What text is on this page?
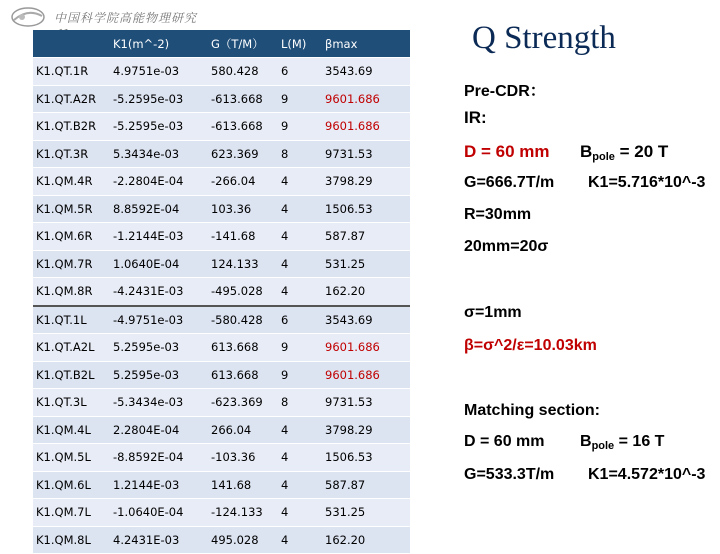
中国科学院高能物理研究
	K1(m^-2)	G（T/M）	L(M)	βmax
K1.QT.1R	4.9751e-03	580.428	6	3543.69
K1.QT.A2R	-5.2595e-03	-613.668	9	9601.686
K1.QT.B2R	-5.2595e-03	-613.668	9	9601.686
K1.QT.3R	5.3434e-03	623.369	8	9731.53
K1.QM.4R	-2.2804E-04	-266.04	4	3798.29
K1.QM.5R	8.8592E-04	103.36	4	1506.53
K1.QM.6R	-1.2144E-03	-141.68	4	587.87
K1.QM.7R	1.0640E-04	124.133	4	531.25
K1.QM.8R	-4.2431E-03	-495.028	4	162.20
K1.QT.1L	-4.9751e-03	-580.428	6	3543.69
K1.QT.A2L	5.2595e-03	613.668	9	9601.686
K1.QT.B2L	5.2595e-03	613.668	9	9601.686
K1.QT.3L	-5.3434e-03	-623.369	8	9731.53
K1.QM.4L	2.2804E-04	266.04	4	3798.29
K1.QM.5L	-8.8592E-04	-103.36	4	1506.53
K1.QM.6L	1.2144E-03	141.68	4	587.87
K1.QM.7L	-1.0640E-04	-124.133	4	531.25
K1.QM.8L	4.2431E-03	495.028	4	162.20
Q Strength
Pre-CDR：
IR:
D = 60 mm $B_{pole} = 20$ T
G=666.7T/m K1=5.716*10^-3
R=30mm
20mm=20σ
σ=1mm
β=σ^2/ε=10.03km
Matching section:
D = 60 mm $B_{pole} = 16$ T
G=533.3T/m K1=4.572*10^-3
